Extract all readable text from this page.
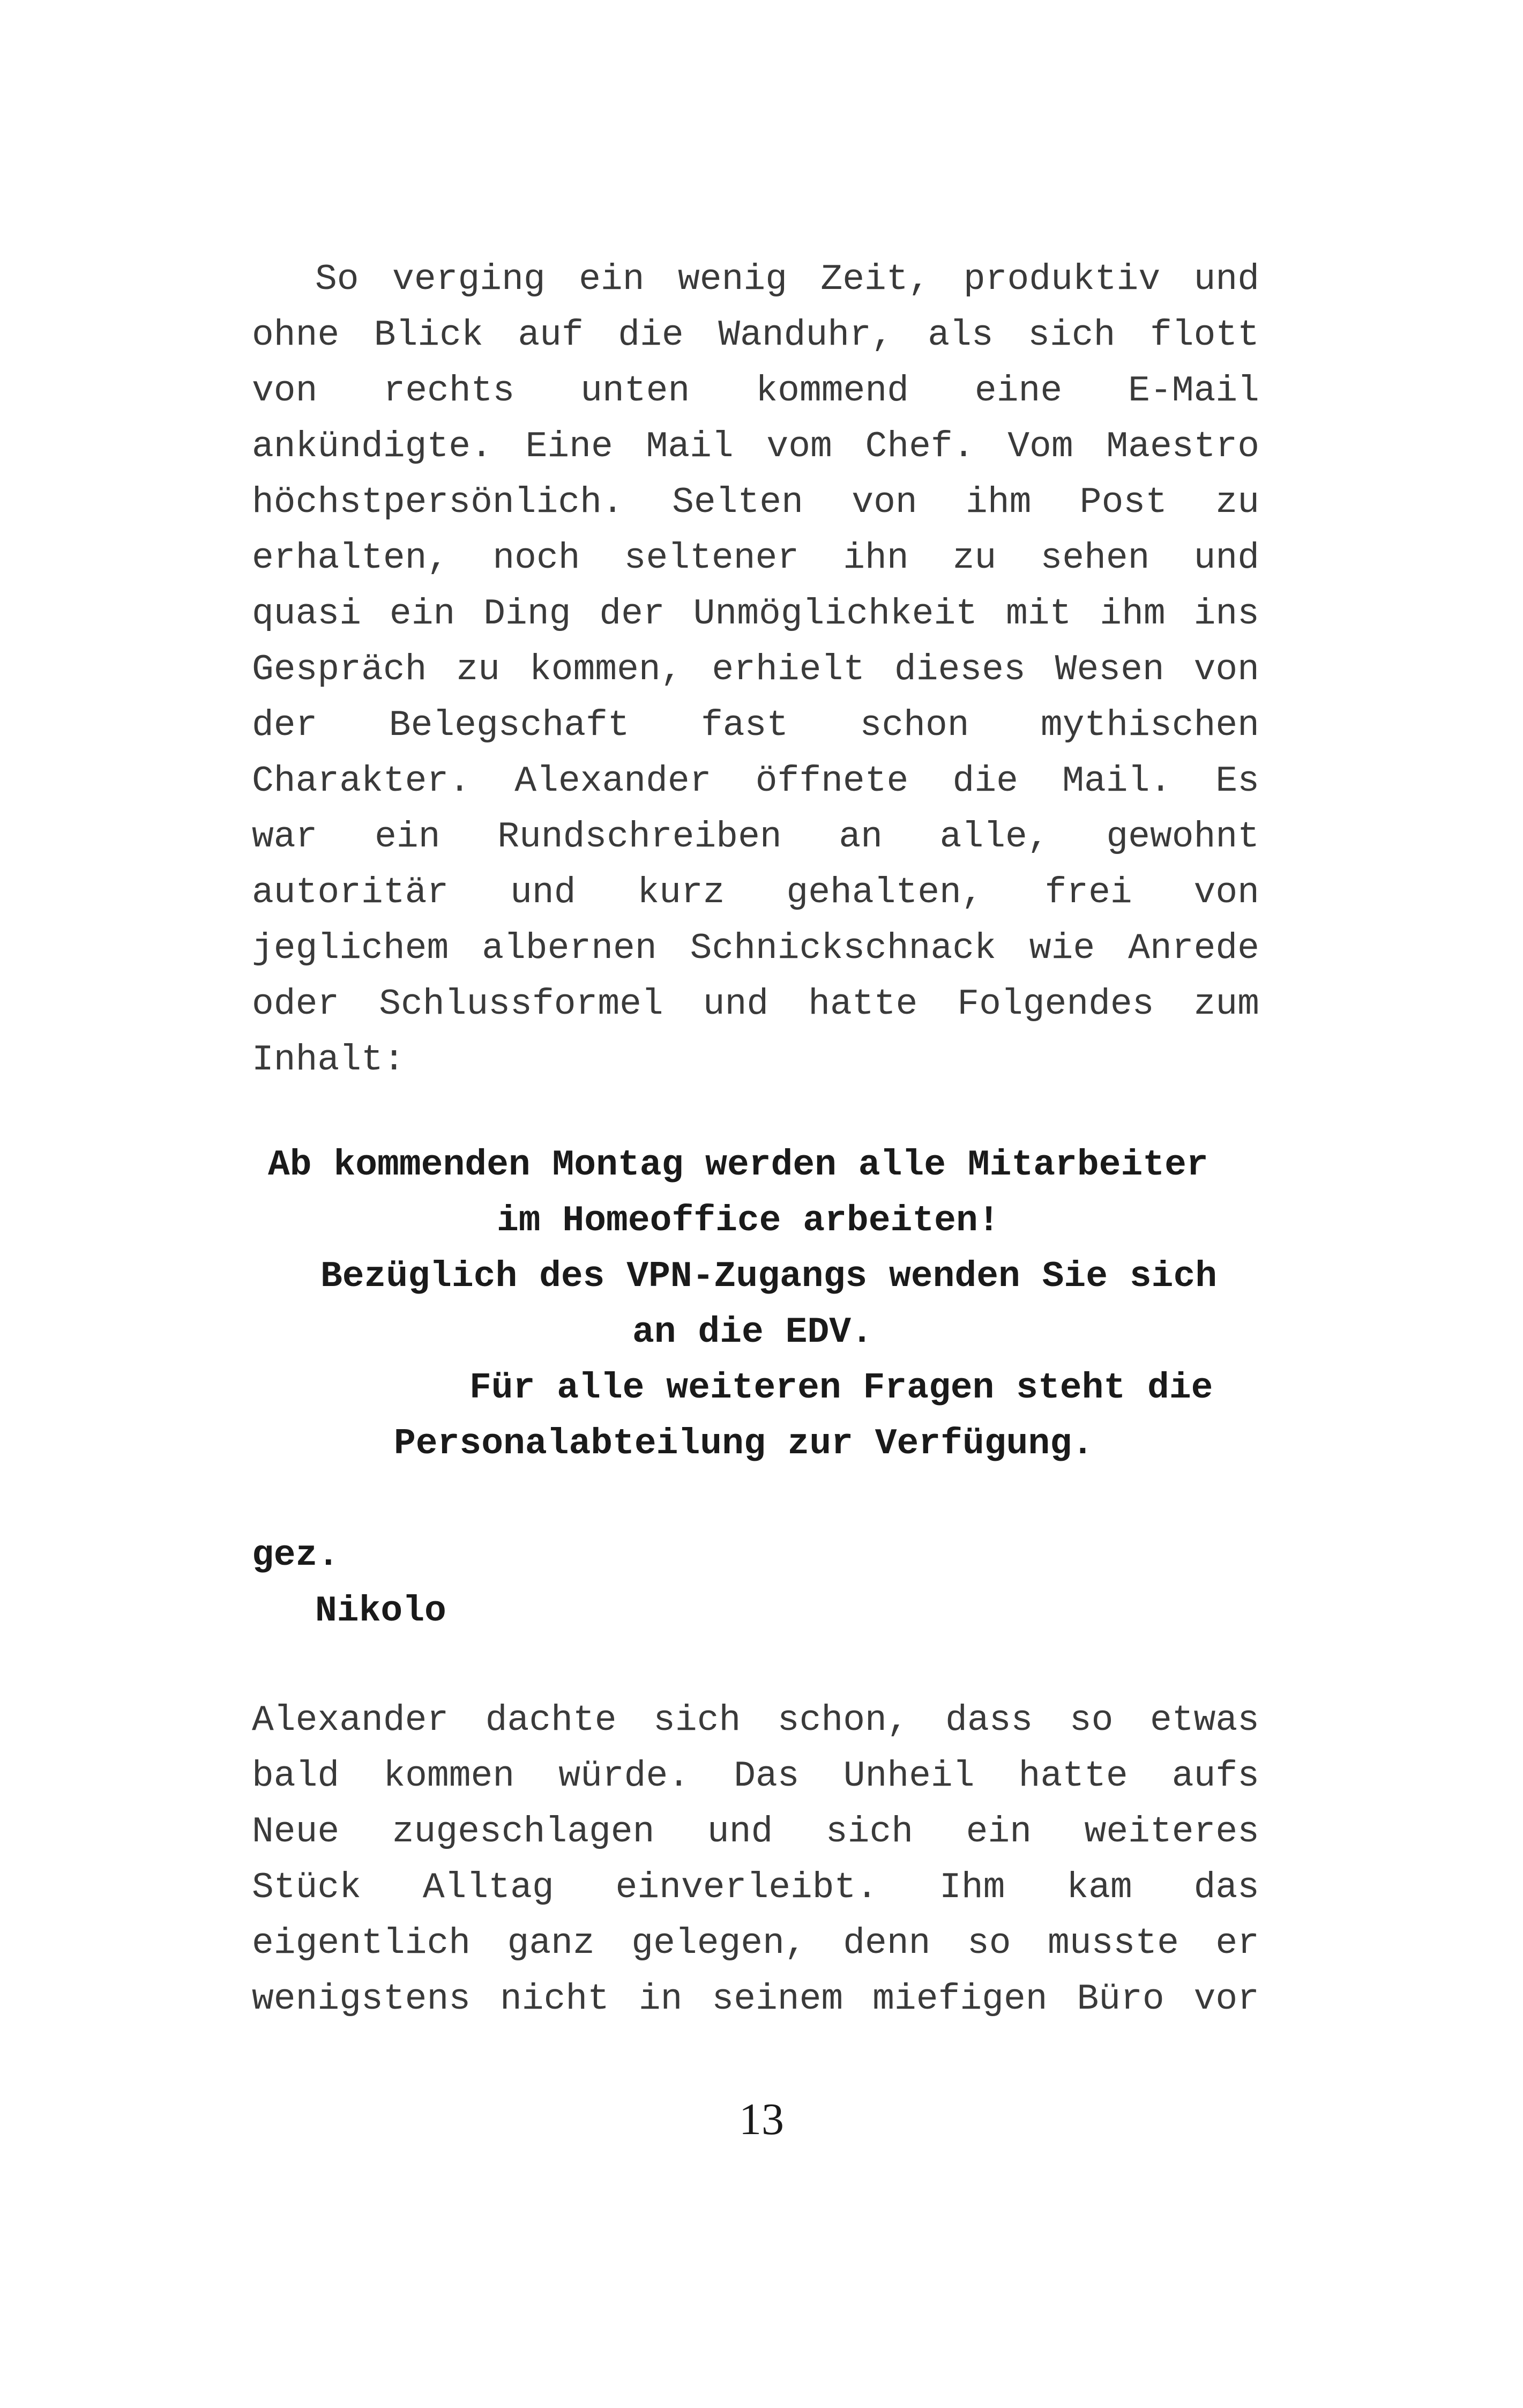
So verging ein wenig Zeit, produktiv und
ohne Blick auf die Wanduhr, als sich flott
von rechts unten kommend eine E-Mail
ankündigte. Eine Mail vom Chef. Vom Maestro
höchstpersönlich. Selten von ihm Post zu
erhalten, noch seltener ihn zu sehen und
quasi ein Ding der Unmöglichkeit mit ihm ins
Gespräch zu kommen, erhielt dieses Wesen von
der Belegschaft fast schon mythischen
Charakter. Alexander öffnete die Mail. Es
war ein Rundschreiben an alle, gewohnt
autoritär und kurz gehalten, frei von
jeglichem albernen Schnickschnack wie Anrede
oder Schlussformel und hatte Folgendes zum
Inhalt:
Ab kommenden Montag werden alle Mitarbeiter
im Homeoffice arbeiten!
Bezüglich des VPN-Zugangs wenden Sie sich
an die EDV.
Für alle weiteren Fragen steht die
Personalabteilung zur Verfügung.
gez.
Nikolo
Alexander dachte sich schon, dass so etwas
bald kommen würde. Das Unheil hatte aufs
Neue zugeschlagen und sich ein weiteres
Stück Alltag einverleibt. Ihm kam das
eigentlich ganz gelegen, denn so musste er
wenigstens nicht in seinem miefigen Büro vor
13
